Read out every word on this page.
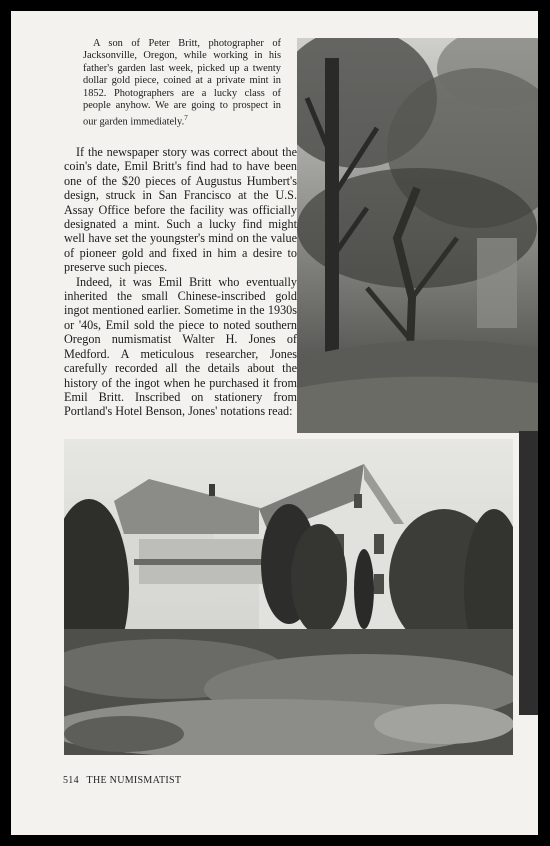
A son of Peter Britt, photographer of Jacksonville, Oregon, while working in his father's garden last week, picked up a twenty dollar gold piece, coined at a private mint in 1852. Photographers are a lucky class of people anyhow. We are going to prospect in our garden immediately.$^7$

If the newspaper story was correct about the coin's date, Emil Britt's find had to have been one of the $20 pieces of Augustus Humbert's design, struck in San Francisco at the U.S. Assay Office before the facility was officially designated a mint. Such a lucky find might well have set the youngster's mind on the value of pioneer gold and fixed in him a desire to preserve such pieces.

Indeed, it was Emil Britt who eventually inherited the small Chinese-inscribed gold ingot mentioned earlier. Sometime in the 1930s or '40s, Emil sold the piece to noted southern Oregon numismatist Walter H. Jones of Medford. A meticulous researcher, Jones carefully recorded all the details about the history of the ingot when he purchased it from Emil Britt. Inscribed on stationery from Portland's Hotel Benson, Jones' notations read:

514 THE NUMISMATIST
